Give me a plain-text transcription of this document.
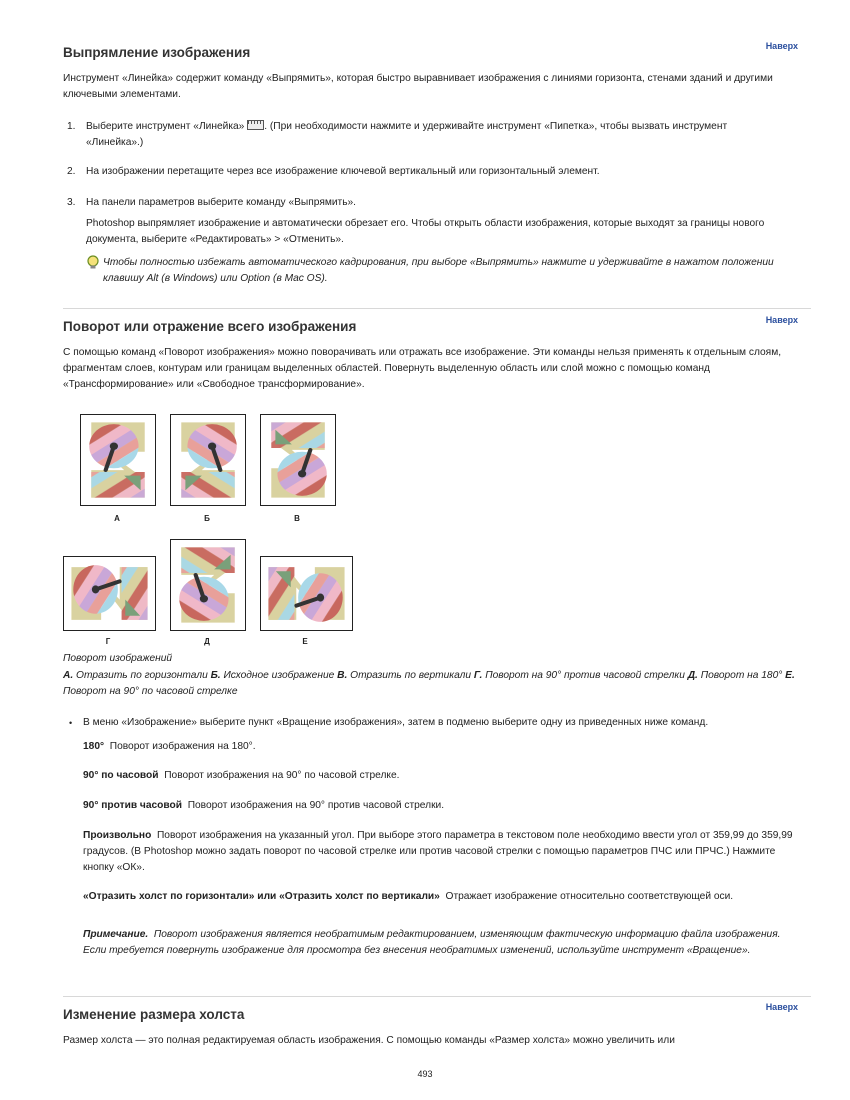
Наверх
Выпрямление изображения

Инструмент «Линейка» содержит команду «Выпрямить», которая быстро выравнивает изображения с линиями горизонта, стенами зданий и другими ключевыми элементами.

1. Выберите инструмент «Линейка» . (При необходимости нажмите и удерживайте инструмент «Пипетка», чтобы вызвать инструмент «Линейка».)
2. На изображении перетащите через все изображение ключевой вертикальный или горизонтальный элемент.
3. На панели параметров выберите команду «Выпрямить».

Photoshop выпрямляет изображение и автоматически обрезает его. Чтобы открыть области изображения, которые выходят за границы нового документа, выберите «Редактировать» > «Отменить».

Чтобы полностью избежать автоматического кадрирования, при выборе «Выпрямить» нажмите и удерживайте в нажатом положении клавишу Alt (в Windows) или Option (в Mac OS).
Наверх
Поворот или отражение всего изображения

С помощью команд «Поворот изображения» можно поворачивать или отражать все изображение. Эти команды нельзя применять к отдельным слоям, фрагментам слоев, контурам или границам выделенных областей. Повернуть выделенную область или слой можно с помощью команд «Трансформирование» или «Свободное трансформирование».

А	Б	В
Г	Д	Е
Поворот изображений
А. Отразить по горизонтали Б. Исходное изображение В. Отразить по вертикали Г. Поворот на 90° против часовой стрелки Д. Поворот на 180° Е. Поворот на 90° по часовой стрелке
• В меню «Изображение» выберите пункт «Вращение изображения», затем в подменю выберите одну из приведенных ниже команд.
180° Поворот изображения на 180°.
90° по часовой Поворот изображения на 90° по часовой стрелке.
90° против часовой Поворот изображения на 90° против часовой стрелки.
Произвольно Поворот изображения на указанный угол. При выборе этого параметра в текстовом поле необходимо ввести угол от 359,99 до 359,99 градусов. (В Photoshop можно задать поворот по часовой стрелке или против часовой стрелки с помощью параметров ПЧС или ПРЧС.) Нажмите кнопку «ОК».
«Отразить холст по горизонтали» или «Отразить холст по вертикали» Отражает изображение относительно соответствующей оси.
Примечание. Поворот изображения является необратимым редактированием, изменяющим фактическую информацию файла изображения. Если требуется повернуть изображение для просмотра без внесения необратимых изменений, используйте инструмент «Вращение».
Наверх
Изменение размера холста

Размер холста — это полная редактируемая область изображения. С помощью команды «Размер холста» можно увеличить или

493
